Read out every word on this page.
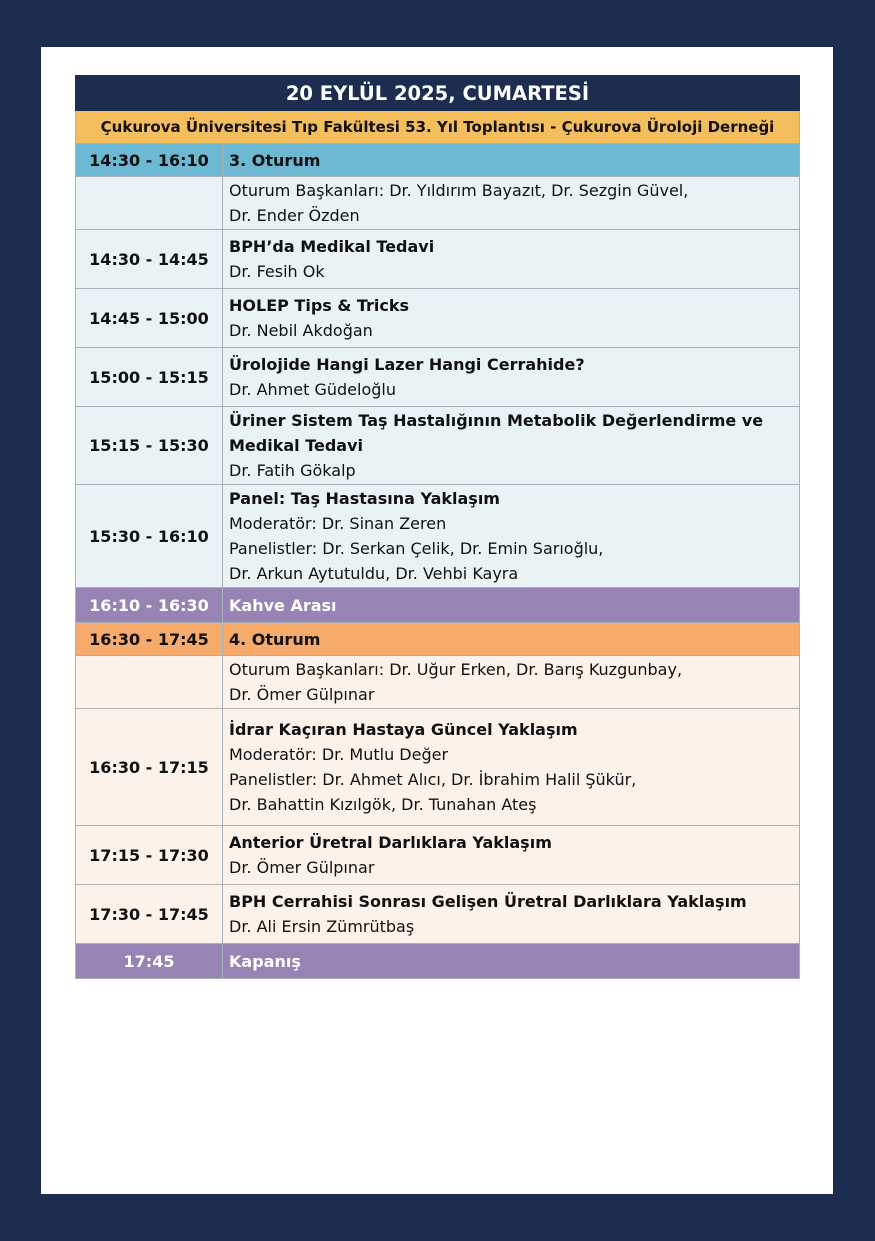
20 EYLÜL 2025, CUMARTESİ	
Çukurova Üniversitesi Tıp Fakültesi 53. Yıl Toplantısı - Çukurova Üroloji Derneği	
14:30 - 16:10	3. Oturum

	Oturum Başkanları: Dr. Yıldırım Bayazıt, Dr. Sezgin Güvel,
Dr. Ender Özden

14:30 - 14:45	BPH’da Medikal Tedavi
Dr. Fesih Ok

14:45 - 15:00	HOLEP Tips & Tricks
Dr. Nebil Akdoğan

15:00 - 15:15	Ürolojide Hangi Lazer Hangi Cerrahide?
Dr. Ahmet Güdeloğlu

15:15 - 15:30	Üriner Sistem Taş Hastalığının Metabolik Değerlendirme ve
Medikal Tedavi
Dr. Fatih Gökalp

15:30 - 16:10	Panel: Taş Hastasına Yaklaşım
Moderatör: Dr. Sinan Zeren
Panelistler: Dr. Serkan Çelik, Dr. Emin Sarıoğlu,
Dr. Arkun Aytutuldu, Dr. Vehbi Kayra

16:10 - 16:30	Kahve Arası
16:30 - 17:45	4. Oturum

	Oturum Başkanları: Dr. Uğur Erken, Dr. Barış Kuzgunbay,
Dr. Ömer Gülpınar

16:30 - 17:15	İdrar Kaçıran Hastaya Güncel Yaklaşım
Moderatör: Dr. Mutlu Değer
Panelistler: Dr. Ahmet Alıcı, Dr. İbrahim Halil Şükür,
Dr. Bahattin Kızılgök, Dr. Tunahan Ateş

17:15 - 17:30	Anterior Üretral Darlıklara Yaklaşım
Dr. Ömer Gülpınar

17:30 - 17:45	BPH Cerrahisi Sonrası Gelişen Üretral Darlıklara Yaklaşım
Dr. Ali Ersin Zümrütbaş

17:45	Kapanış
